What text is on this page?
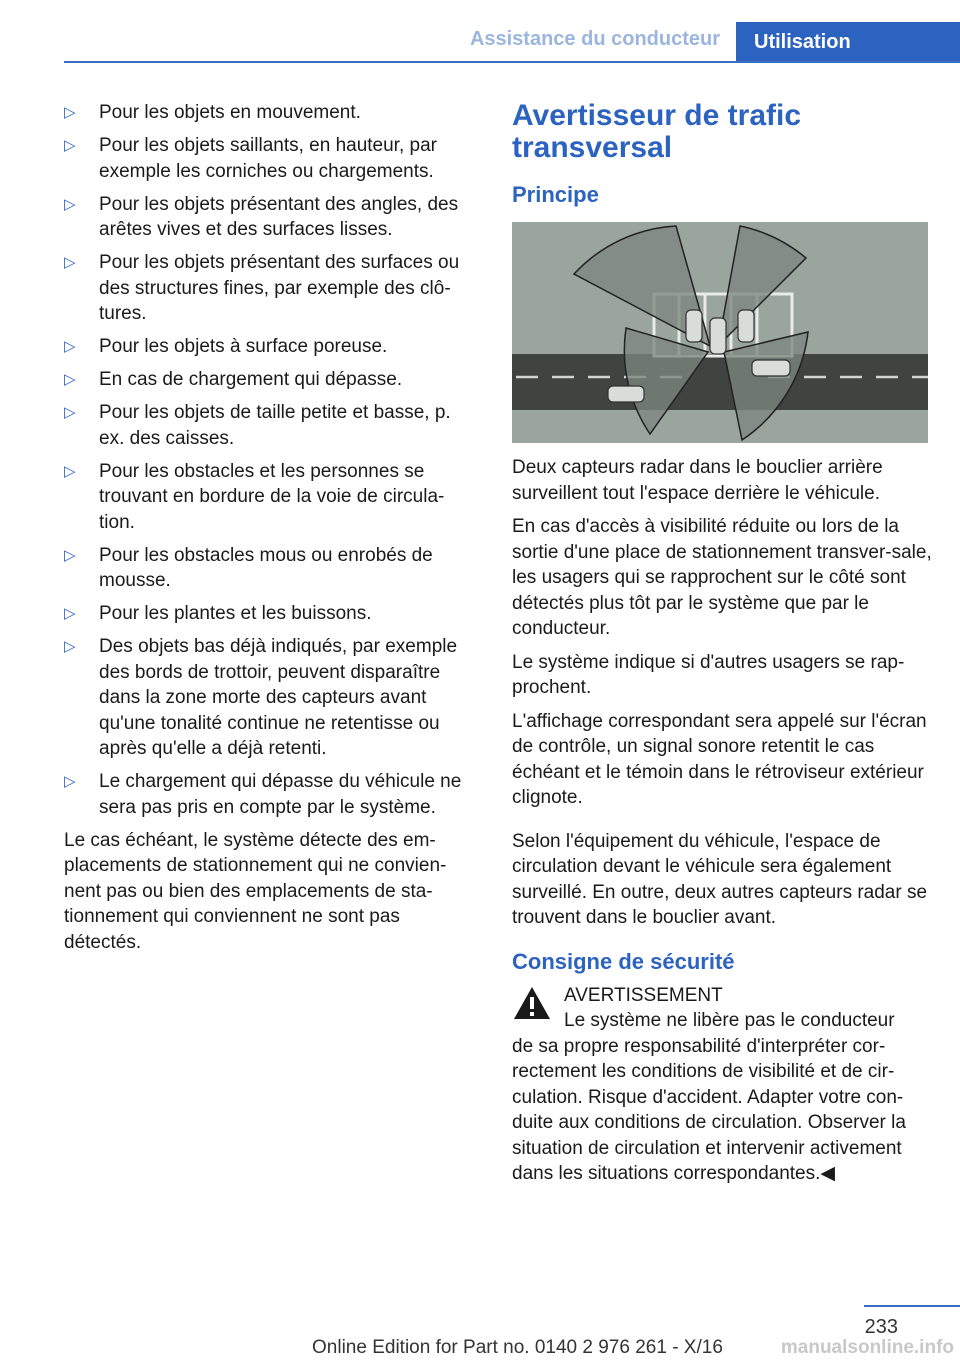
Assistance du conducteur Utilisation
▷ Pour les objets en mouvement.
▷ Pour les objets saillants, en hauteur, par exemple les corniches ou chargements.
▷ Pour les objets présentant des angles, des arêtes vives et des surfaces lisses.
▷ Pour les objets présentant des surfaces ou des structures fines, par exemple des clô‐tures.
▷ Pour les objets à surface poreuse.
▷ En cas de chargement qui dépasse.
▷ Pour les objets de taille petite et basse, p. ex. des caisses.
▷ Pour les obstacles et les personnes se trouvant en bordure de la voie de circula‐tion.
▷ Pour les obstacles mous ou enrobés de mousse.
▷ Pour les plantes et les buissons.
▷ Des objets bas déjà indiqués, par exemple des bords de trottoir, peuvent disparaître dans la zone morte des capteurs avant qu'une tonalité continue ne retentisse ou après qu'elle a déjà retenti.
▷ Le chargement qui dépasse du véhicule ne sera pas pris en compte par le système.

Le cas échéant, le système détecte des em‐placements de stationnement qui ne convien‐nent pas ou bien des emplacements de sta‐tionnement qui conviennent ne sont pas détectés.

Avertisseur de trafic transversal
Principe

Deux capteurs radar dans le bouclier arrière surveillent tout l'espace derrière le véhicule.

En cas d'accès à visibilité réduite ou lors de la sortie d'une place de stationnement transver‐sale, les usagers qui se rapprochent sur le côté sont détectés plus tôt par le système que par le conducteur.

Le système indique si d'autres usagers se rap‐prochent.

L'affichage correspondant sera appelé sur l'écran de contrôle, un signal sonore retentit le cas échéant et le témoin dans le rétroviseur extérieur clignote.

Selon l'équipement du véhicule, l'espace de circulation devant le véhicule sera également surveillé. En outre, deux autres capteurs radar se trouvent dans le bouclier avant.

Consigne de sécurité
AVERTISSEMENT
Le système ne libère pas le conducteur

de sa propre responsabilité d'interpréter cor‐rectement les conditions de visibilité et de cir‐culation. Risque d'accident. Adapter votre con‐duite aux conditions de circulation. Observer la situation de circulation et intervenir activement dans les situations correspondantes.◀

233
Online Edition for Part no. 0140 2 976 261 - X/16	manualsonline.info
